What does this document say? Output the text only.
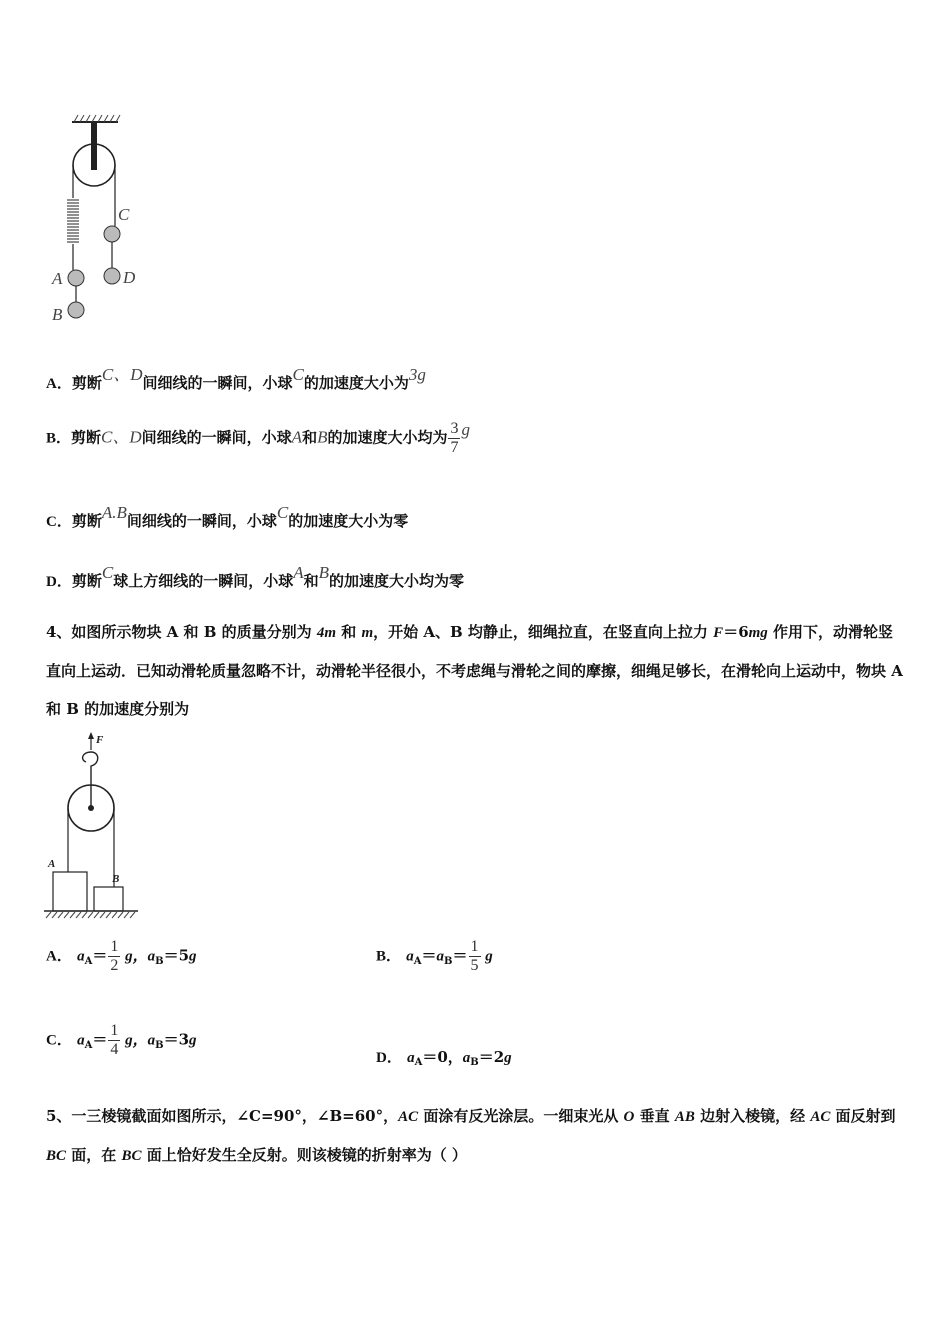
C
D
A
B
A．剪断C、D间细线的一瞬间，小球C的加速度大小为3g
B．剪断C、D间细线的一瞬间，小球A和B的加速度大小均为 $\frac{3}{7}$ g
C．剪断A.B间细线的一瞬间，小球C的加速度大小为零
D．剪断C球上方细线的一瞬间，小球A和B的加速度大小均为零
4、如图所示物块 A 和 B 的质量分别为 4m 和 m，开始 A、B 均静止，细绳拉直，在竖直向上拉力 F＝6mg 作用下，动滑轮竖直向上运动．已知动滑轮质量忽略不计，动滑轮半径很小，不考虑绳与滑轮之间的摩擦，细绳足够长，在滑轮向上运动中，物块 A 和 B 的加速度分别为
F
A
B
A． $a_A= \frac{1}{2}$ g，$a_B=5g$	B． $a_A=a_B= \frac{1}{5}$ g
C． $a_A= \frac{1}{4}$ g，$a_B=3g$
D． $a_A=0$，$a_B=2g$
5、一三棱镜截面如图所示，∠C=90°，∠B=60°，AC 面涂有反光涂层。一细束光从 O 垂直 AB 边射入棱镜，经 AC 面反射到 BC 面，在 BC 面上恰好发生全反射。则该棱镜的折射率为（ ）
